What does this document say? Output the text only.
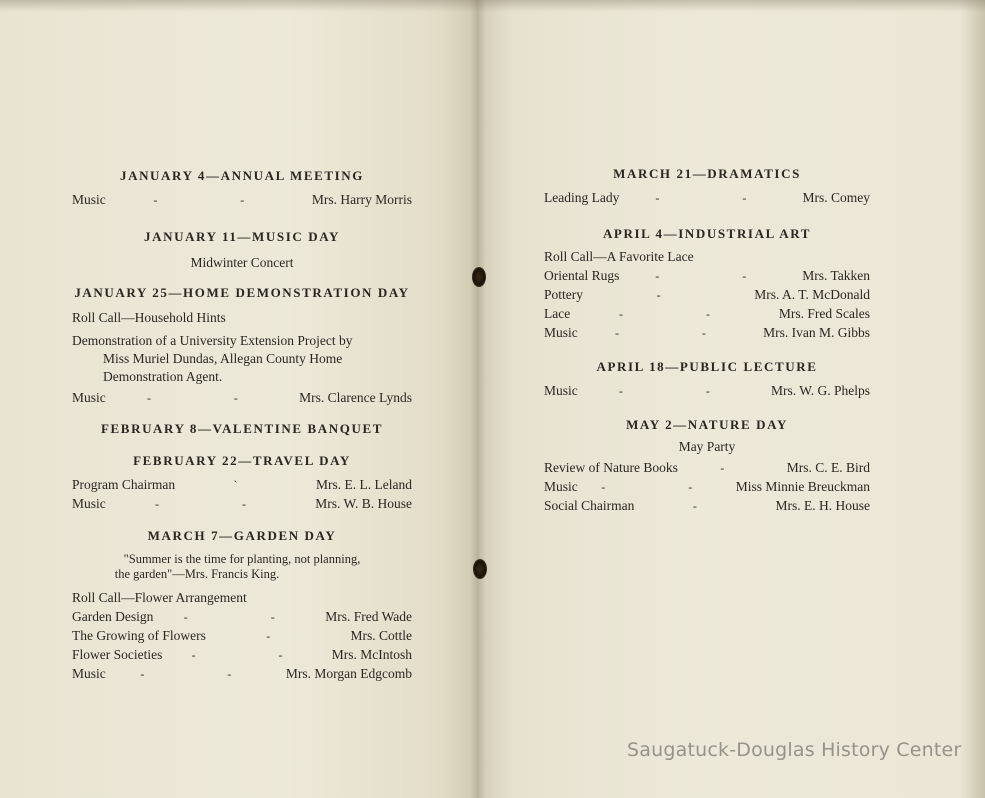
JANUARY 4—ANNUAL MEETING

Music	- -	Mrs. Harry Morris

JANUARY 11—MUSIC DAY

Midwinter Concert

JANUARY 25—HOME DEMONSTRATION DAY

Roll Call—Household Hints
Demonstration of a University Extension Project by
Miss Muriel Dundas, Allegan County Home
Demonstration Agent.
Music	- -	Mrs. Clarence Lynds

FEBRUARY 8—VALENTINE BANQUET

FEBRUARY 22—TRAVEL DAY

Program Chairman	`	Mrs. E. L. Leland
Music	- -	Mrs. W. B. House

MARCH 7—GARDEN DAY

"Summer is the time for planting, not planning,
the garden"—Mrs. Francis King.
Roll Call—Flower Arrangement
Garden Design	- - Mrs. Fred Wade
The Growing of Flowers	-	Mrs. Cottle
Flower Societies	- - Mrs. McIntosh
Music	- -	Mrs. Morgan Edgcomb

MARCH 21—DRAMATICS

Leading Lady	- -	Mrs. Comey

APRIL 4—INDUSTRIAL ART

Roll Call—A Favorite Lace
Oriental Rugs	- -	Mrs. Takken
Pottery	-	Mrs. A. T. McDonald
Lace	- -	Mrs. Fred Scales
Music	- -	Mrs. Ivan M. Gibbs

APRIL 18—PUBLIC LECTURE

Music	- -	Mrs. W. G. Phelps

MAY 2—NATURE DAY

May Party

Review of Nature Books	-	Mrs. C. E. Bird
Music	- - Miss Minnie Breuckman
Social Chairman	-	Mrs. E. H. House
Saugatuck-Douglas History Center
